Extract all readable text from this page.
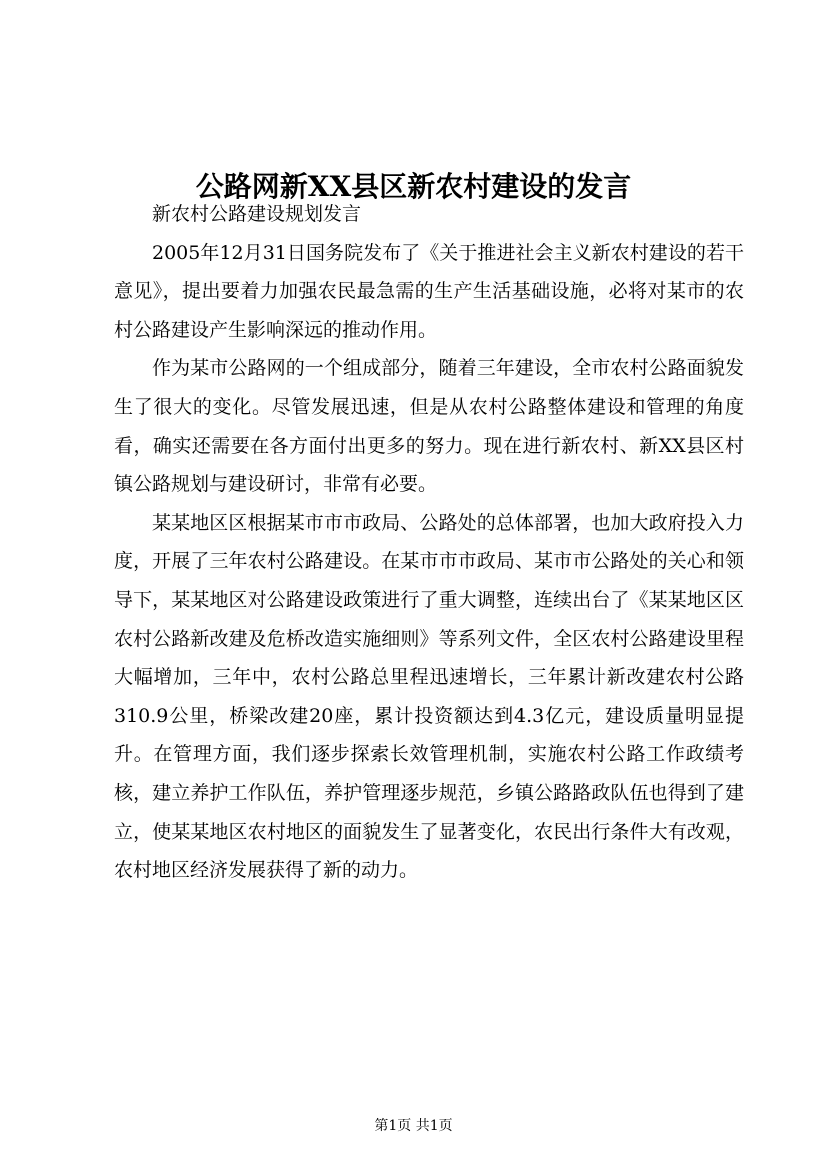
公路网新XX县区新农村建设的发言

新农村公路建设规划发言

2005年12月31日国务院发布了《关于推进社会主义新农村建设的若干意见》，提出要着力加强农民最急需的生产生活基础设施，必将对某市的农村公路建设产生影响深远的推动作用。

作为某市公路网的一个组成部分，随着三年建设，全市农村公路面貌发生了很大的变化。尽管发展迅速，但是从农村公路整体建设和管理的角度看，确实还需要在各方面付出更多的努力。现在进行新农村、新XX县区村镇公路规划与建设研讨，非常有必要。

某某地区区根据某市市市政局、公路处的总体部署，也加大政府投入力度，开展了三年农村公路建设。在某市市市政局、某市市公路处的关心和领导下，某某地区对公路建设政策进行了重大调整，连续出台了《某某地区区农村公路新改建及危桥改造实施细则》等系列文件，全区农村公路建设里程大幅增加，三年中，农村公路总里程迅速增长，三年累计新改建农村公路310.9公里，桥梁改建20座，累计投资额达到4.3亿元，建设质量明显提升。在管理方面，我们逐步探索长效管理机制，实施农村公路工作政绩考核，建立养护工作队伍，养护管理逐步规范，乡镇公路路政队伍也得到了建立，使某某地区农村地区的面貌发生了显著变化，农民出行条件大有改观，农村地区经济发展获得了新的动力。

第1页 共1页
